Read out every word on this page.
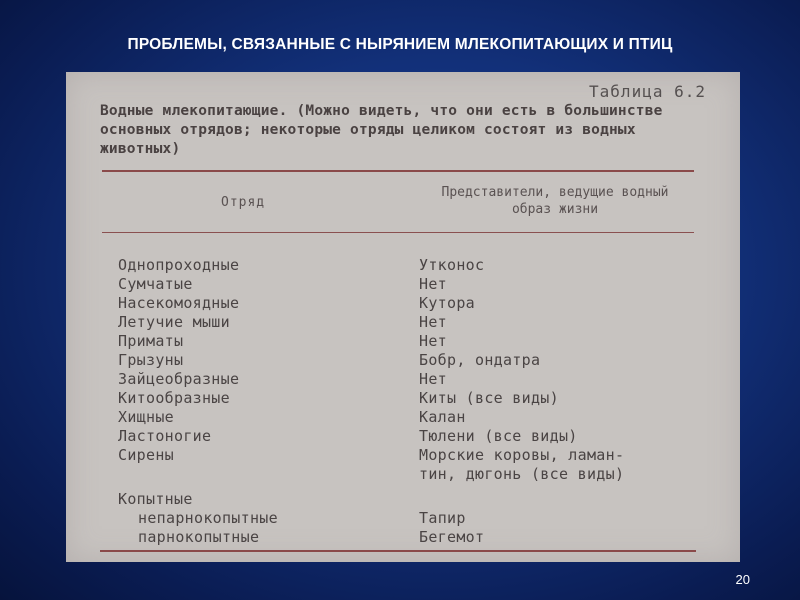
ПРОБЛЕМЫ, СВЯЗАННЫЕ С НЫРЯНИЕМ МЛЕКОПИТАЮЩИХ И ПТИЦ
Таблица 6.2
Водные млекопитающие. (Можно видеть, что они есть в большинстве основных отрядов; некоторые отряды целиком состоят из водных животных)
Отряд
Представители, ведущие водный образ жизни
Однопроходные	Утконос
Сумчатые	Нет
Насекомоядные	Кутора
Летучие мыши	Нет
Приматы	Нет
Грызуны	Бобр, ондатра
Зайцеобразные	Нет
Китообразные	Киты (все виды)
Хищные	Калан
Ластоногие	Тюлени (все виды)
Сирены	Морские коровы, ламан-
тин, дюгонь (все виды)
Копытные
непарнокопытные	Тапир
парнокопытные	Бегемот
20
